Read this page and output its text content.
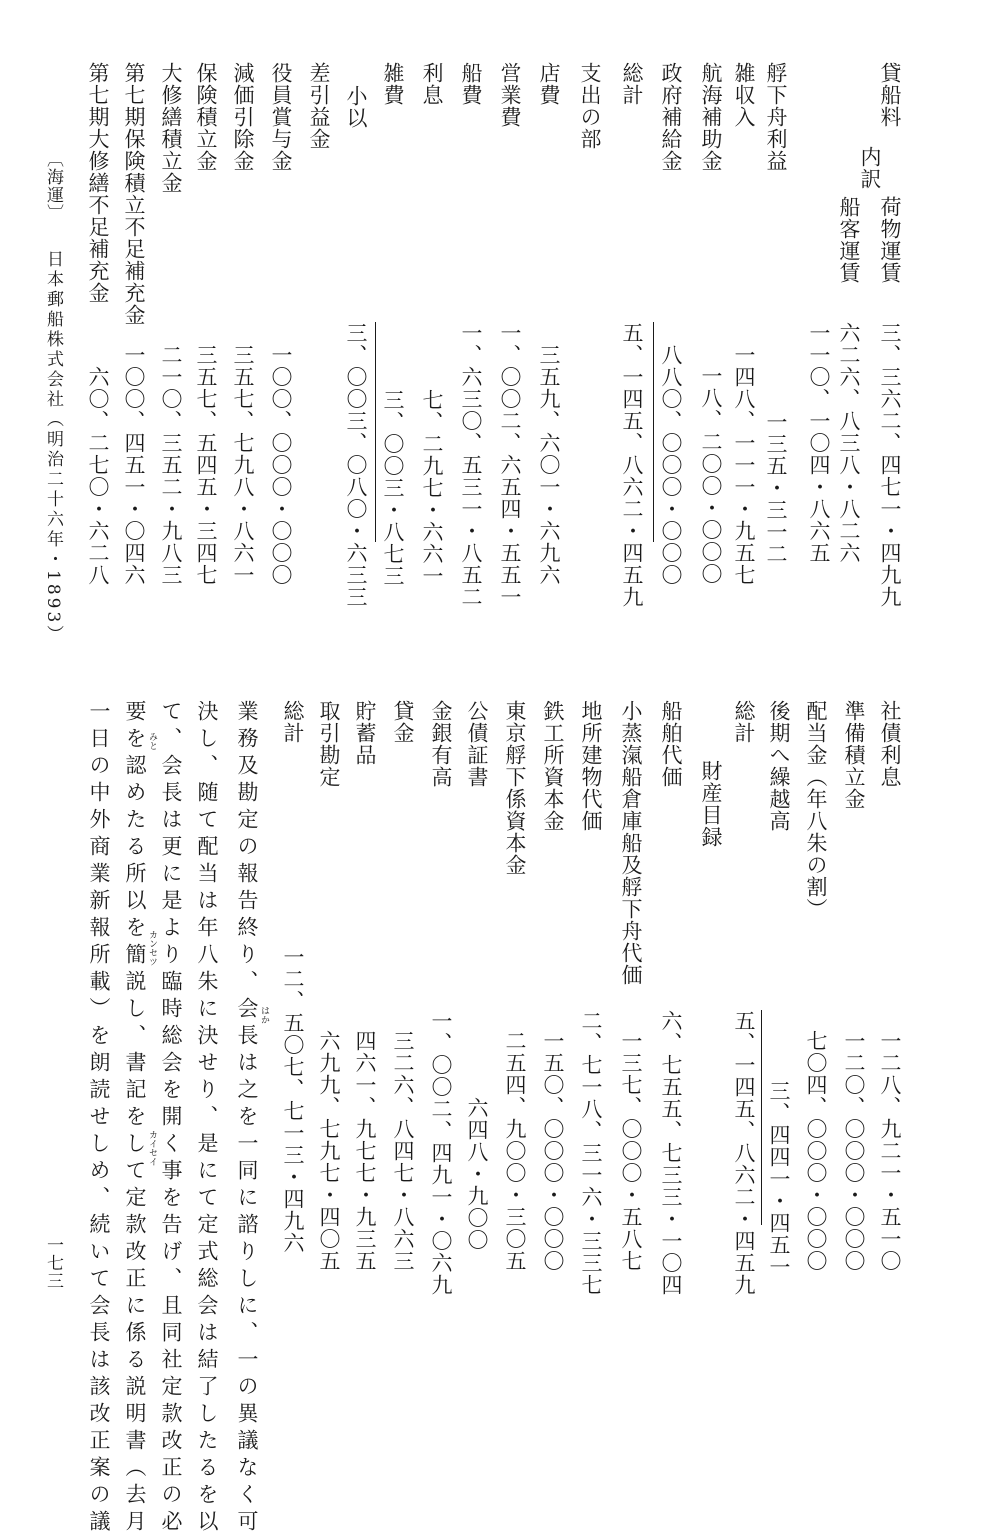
貸船料
内訳
荷物運賃
三、三六二、四七一・四九九
船客運賃
六二六、八三八・八二六
一一〇、一〇四・八六五
艀下舟利益
一三五・三一二
雑収入
一四八、一一一・九五七
航海補助金
一八、二〇〇・〇〇〇
政府補給金
八八〇、〇〇〇・〇〇〇
総計
五、一四五、八六二・四五九
支出の部
店費
三五九、六〇一・六九六
営業費
一、〇〇二、六五四・五五一
船費
一、六三〇、五三一・八五二
利息
七、二九七・六六一
雑費
三、〇〇三・八七三
小以
三、〇〇三、〇八〇・六三三
差引益金
役員賞与金
一〇〇、〇〇〇・〇〇〇
減価引除金
三五七、七九八・八六一
保険積立金
三五七、五四五・三四七
大修繕積立金
二一〇、三五二・九八三
第七期保険積立不足補充金
一〇〇、四五一・〇四六
第七期大修繕不足補充金
六〇、二七〇・六二八
社債利息
一二八、九二一・五一〇
準備積立金
一二〇、〇〇〇・〇〇〇
配当金（年八朱の割）
七〇四、〇〇〇・〇〇〇
後期へ繰越高
三、四四一・四五一
総計
五、一四五、八六二・四五九
財産目録
船舶代価
六、七五五、七三三・一〇四
小蒸滊船倉庫船及艀下舟代価
一三七、〇〇〇・五八七
地所建物代価
二、七一八、三一六・三三七
鉄工所資本金
一五〇、〇〇〇・〇〇〇
東京艀下係資本金
二五四、九〇〇・三〇五
公債証書
六四八・九〇〇
金銀有高
一、〇〇二、四九一・〇六九
貸金
三二六、八四七・八六三
貯蓄品
四六一、九七七・九三五
取引勘定
六九九、七九七・四〇五
総計
一二、五〇七、七一三・四九六
業務及勘定の報告終り、会長は之を一同に諮りしに、一の異議なく可
決し、随て配当は年八朱に決せり、是にて定式総会は結了したるを以
て、会長は更に是より臨時総会を開く事を告げ、且同社定款改正の必
要を認めたる所以を簡説し、書記をして定款改正に係る説明書（去月
一日の中外商業新報所載）を朗読せしめ、続いて会長は該改正案の議	はか
みと
カンセツ
カイセイ
〔海運〕
日本郵船株式会社（明治二十六年・1893）
一七三
